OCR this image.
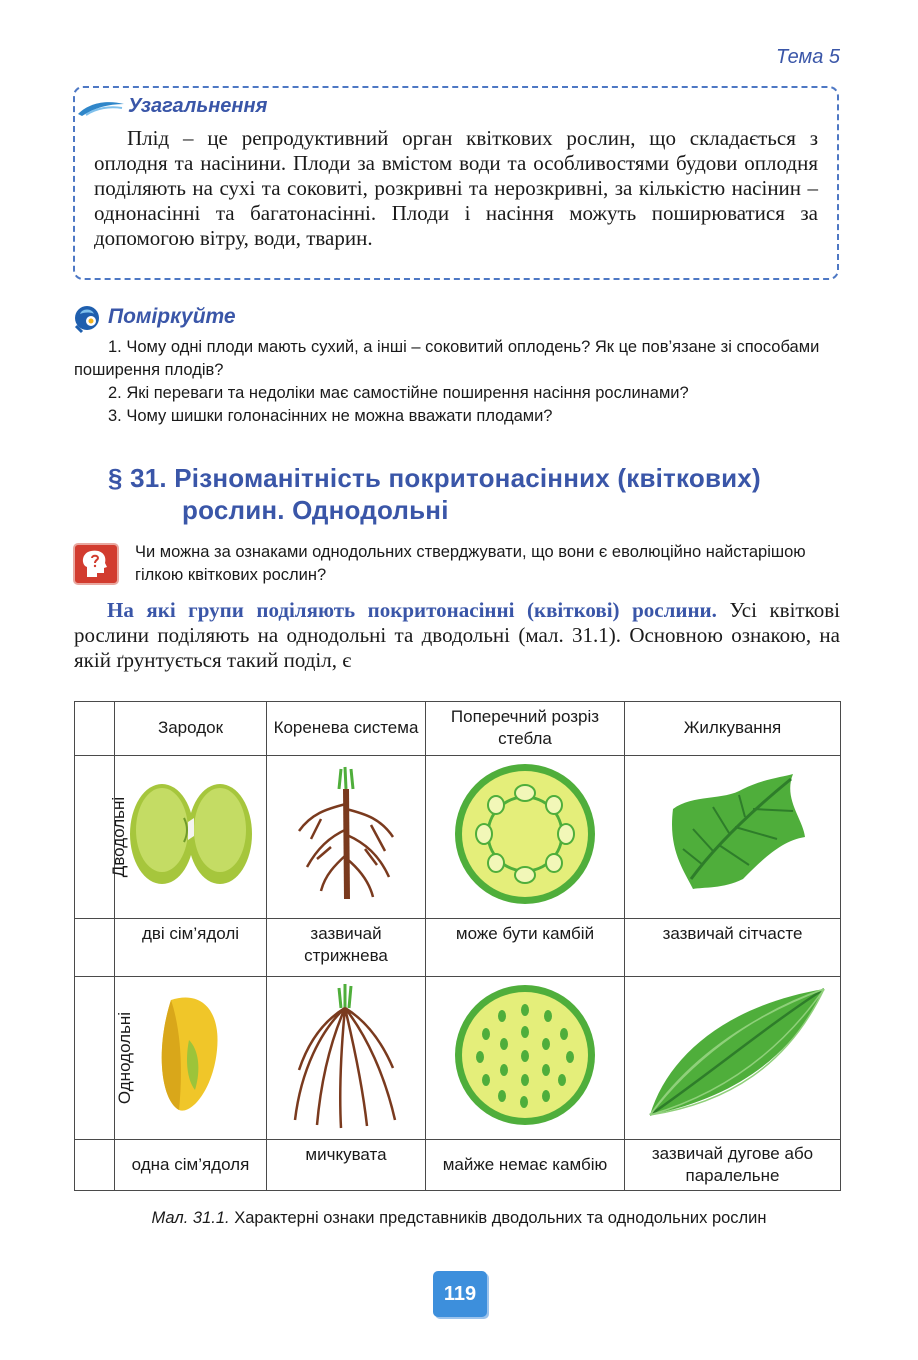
Тема 5
Узагальнення

Плід – це репродуктивний орган квіткових рослин, що складається з оплодня та насінини. Плоди за вмістом води та особливостями будови оплодня поділяють на сухі та соковиті, розкривні та нерозкривні, за кількістю насінин – однонасінні та багатонасінні. Плоди і насіння можуть поширюватися за допомогою вітру, води, тварин.

Поміркуйте

1. Чому одні плоди мають сухий, а інші – соковитий оплодень? Як це пов’язане зі способами поширення плодів?

2. Які переваги та недоліки має самостійне поширення насіння рослинами?

3. Чому шишки голонасінних не можна вважати плодами?

§ 31. Різноманітність покритонасінних (квіткових)
рослин. Однодольні

Чи можна за ознаками однодольних стверджувати, що вони є еволюційно найстарішою гілкою квіткових рослин?

На які групи поділяють покритонасінні (квіткові) рослини. Усі квіткові рослини поділяють на однодольні та дводольні (мал. 31.1). Основною ознакою, на якій ґрунтується такий поділ, є

	Зародок	Коренева система	Поперечний розріз стебла	Жилкування
Дводольні				
	дві сім’ядолі	зазвичай стрижнева	може бути камбій	зазвичай сітчасте
Однодольні				
	одна сім’ядоля	мичкувата	майже немає камбію	зазвичай дугове або паралельне

Мал. 31.1. Характерні ознаки представників дводольних та однодольних рослин

119
